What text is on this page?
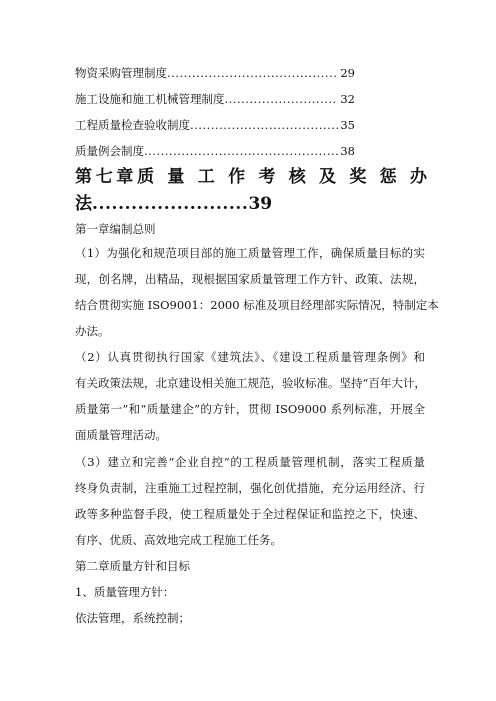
物资采购管理制度 .....	29
施工设施和施工机械管理制度 .....	32
工程质量检查验收制度 .....	35
质量例会制度 .....	38
第七章质 量 工 作 考 核 及 奖 惩 办
法........................39
第一章编制总则
（1）为强化和规范项目部的施工质量管理工作，确保质量目标的实
现，创名牌，出精品，现根据国家质量管理工作方针、政策、法规，
结合贯彻实施 ISO9001：2000 标准及项目经理部实际情况，特制定本
办法。
（2）认真贯彻执行国家《建筑法》、《建设工程质量管理条例》和
有关政策法规，北京建设相关施工规范，验收标准。坚持“百年大计，
质量第一”和“质量建企”的方针，贯彻 ISO9000 系列标准，开展全
面质量管理活动。
（3）建立和完善“企业自控”的工程质量管理机制，落实工程质量
终身负责制，注重施工过程控制，强化创优措施，充分运用经济、行
政等多种监督手段，使工程质量处于全过程保证和监控之下，快速、
有序、优质、高效地完成工程施工任务。
第二章质量方针和目标
1、质量管理方针：
依法管理，系统控制；
